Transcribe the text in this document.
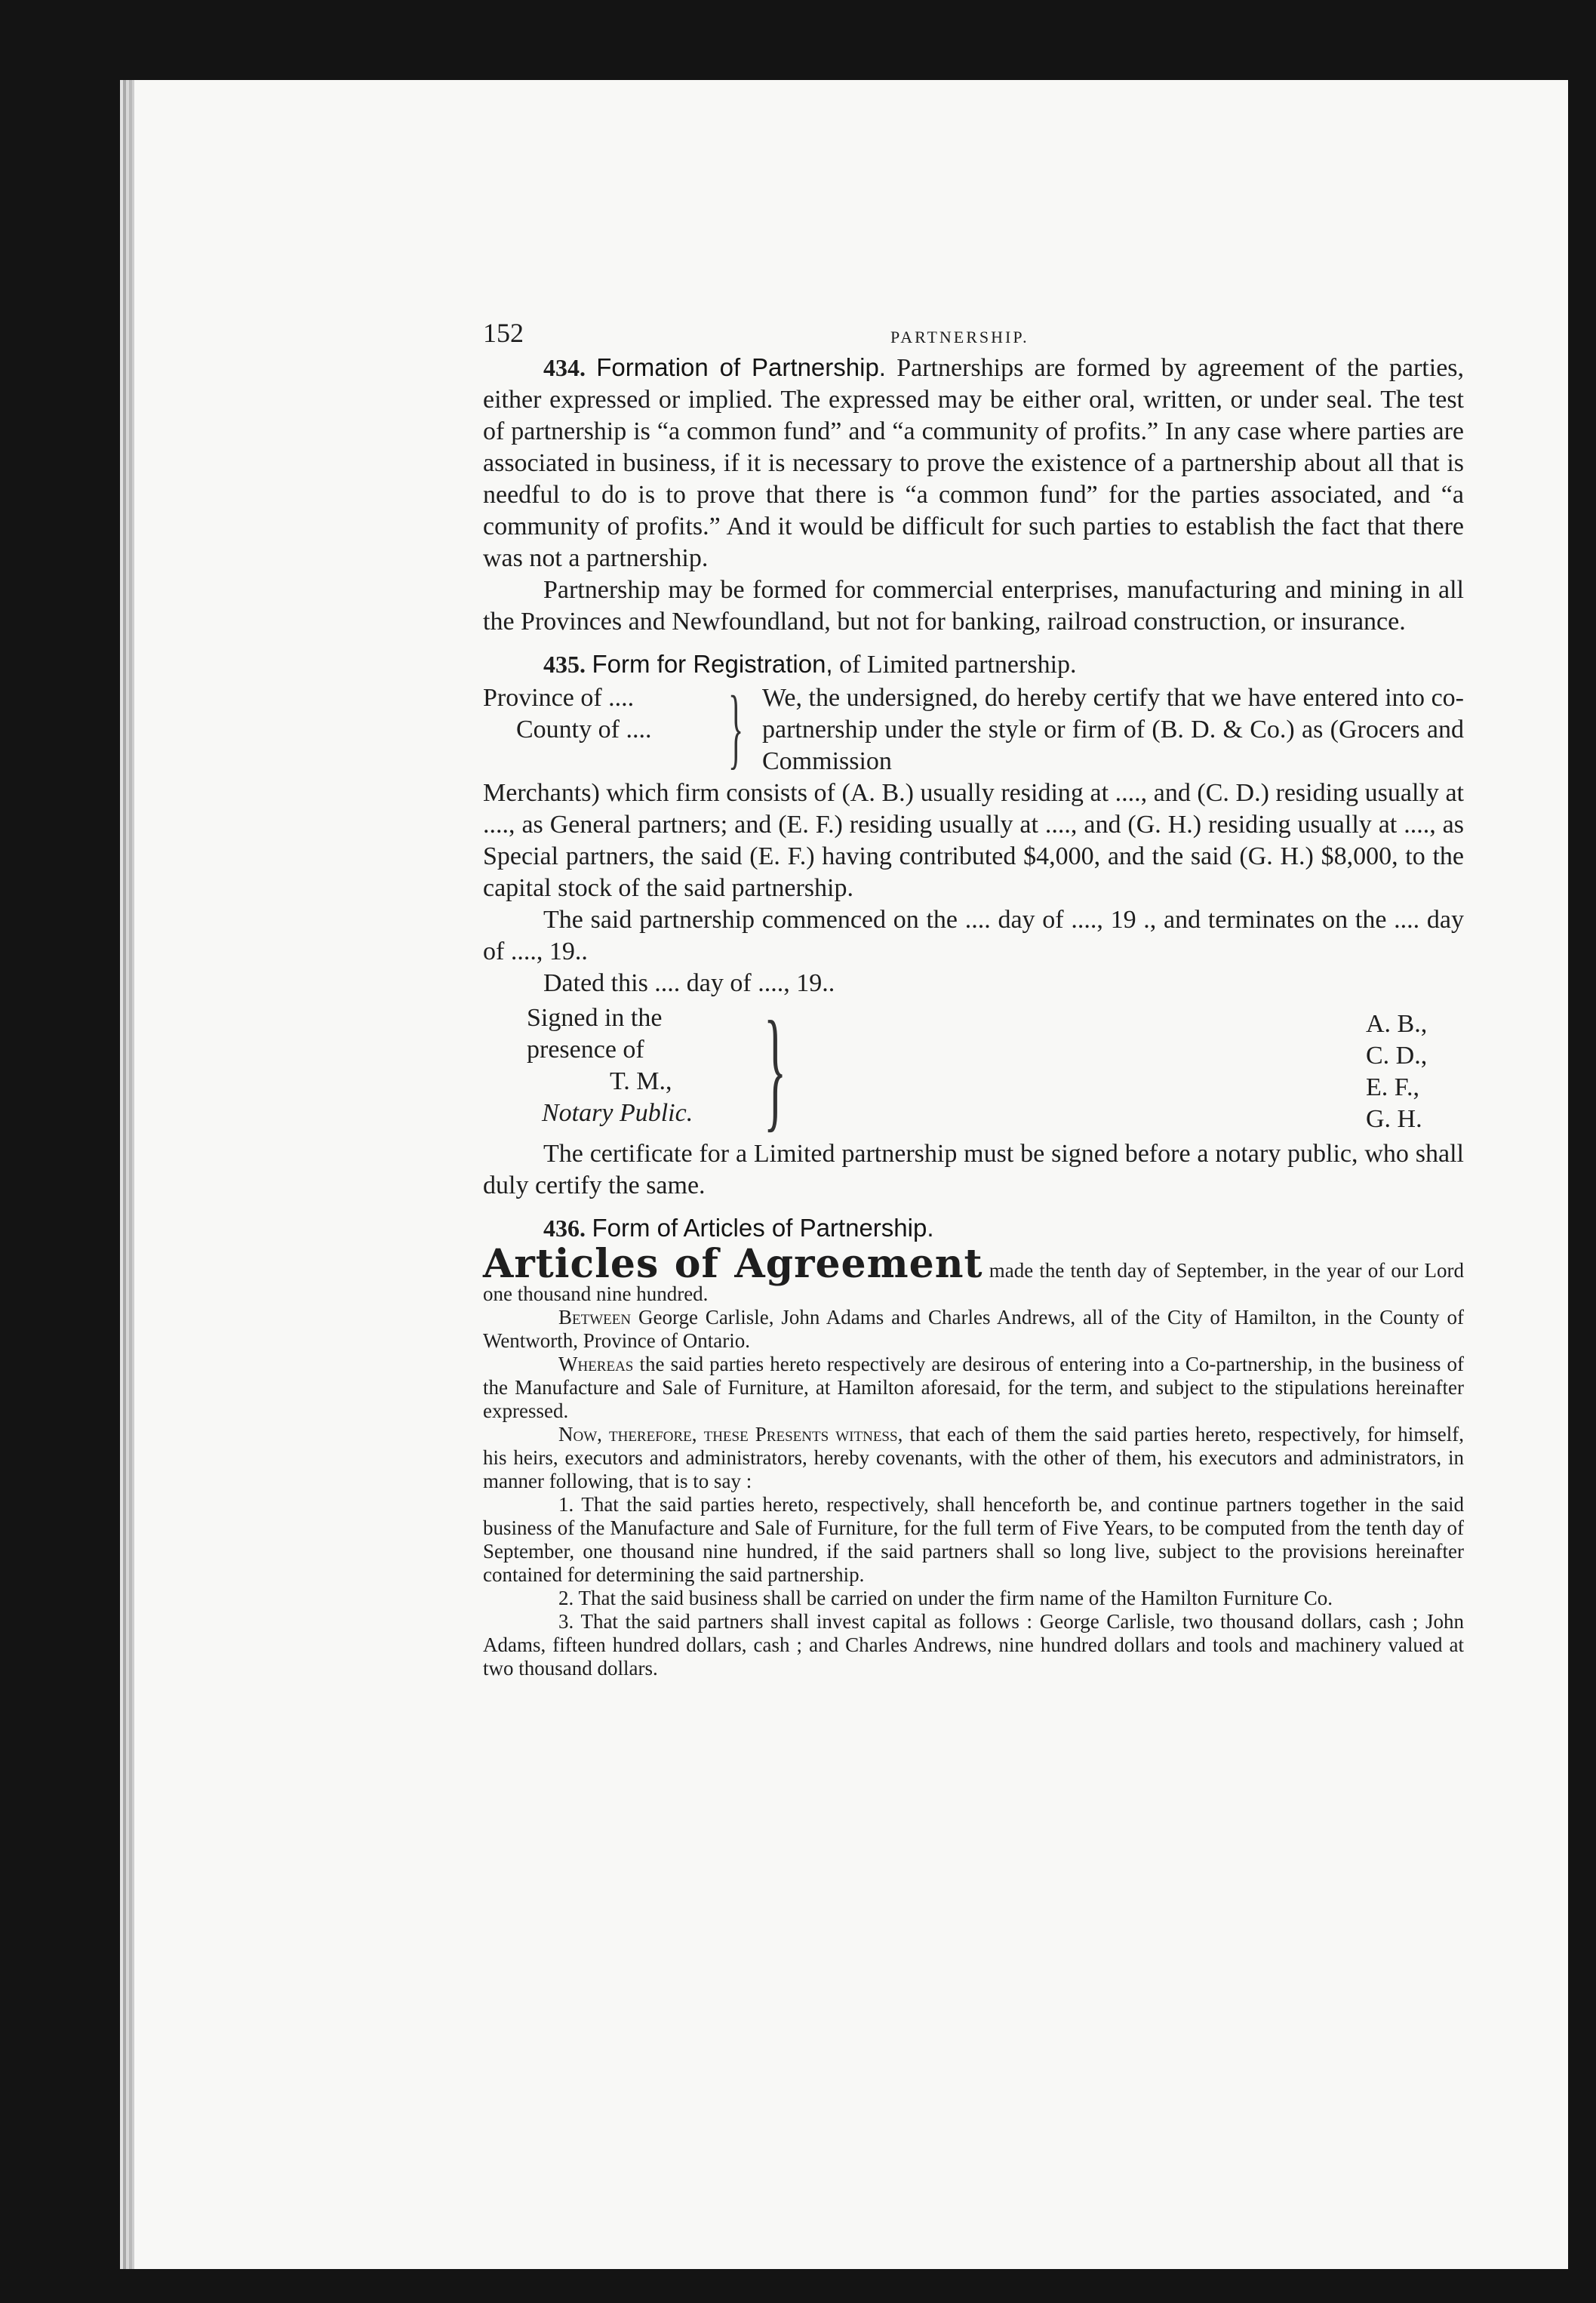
152	PARTNERSHIP.

434. Formation of Partnership. Partnerships are formed by agreement of the parties, either expressed or implied. The expressed may be either oral, written, or under seal. The test of partnership is “a common fund” and “a community of profits.” In any case where parties are associated in business, if it is necessary to prove the existence of a partnership about all that is needful to do is to prove that there is “a common fund” for the parties associated, and “a community of profits.” And it would be difficult for such parties to establish the fact that there was not a partnership.

Partnership may be formed for commercial enterprises, manufacturing and mining in all the Provinces and Newfoundland, but not for banking, railroad construction, or insurance.

435. Form for Registration, of Limited partnership.

Province of ....
County of .... } We, the undersigned, do hereby certify that we have entered into co-partnership under the style or firm of (B. D. & Co.) as (Grocers and Commission

Merchants) which firm consists of (A. B.) usually residing at ...., and (C. D.) residing usually at ...., as General partners; and (E. F.) residing usually at ...., and (G. H.) residing usually at ...., as Special partners, the said (E. F.) having contributed $4,000, and the said (G. H.) $8,000, to the capital stock of the said partnership.

The said partnership commenced on the .... day of ...., 19 ., and terminates on the .... day of ...., 19..

Dated this .... day of ...., 19..

Signed in the
presence of
T. M.,
Notary Public. }	A. B.,
C. D.,
E. F.,
G. H.

The certificate for a Limited partnership must be signed before a notary public, who shall duly certify the same.

436. Form of Articles of Partnership.

Articles of Agreement made the tenth day of September, in the year of our Lord one thousand nine hundred.

Between George Carlisle, John Adams and Charles Andrews, all of the City of Hamilton, in the County of Wentworth, Province of Ontario.

Whereas the said parties hereto respectively are desirous of entering into a Co-partnership, in the business of the Manufacture and Sale of Furniture, at Hamilton aforesaid, for the term, and subject to the stipulations hereinafter expressed.

Now, therefore, these Presents witness, that each of them the said parties hereto, respectively, for himself, his heirs, executors and administrators, hereby covenants, with the other of them, his executors and administrators, in manner following, that is to say :

1. That the said parties hereto, respectively, shall henceforth be, and continue partners together in the said business of the Manufacture and Sale of Furniture, for the full term of Five Years, to be computed from the tenth day of September, one thousand nine hundred, if the said partners shall so long live, subject to the provisions hereinafter contained for determining the said partnership.

2. That the said business shall be carried on under the firm name of the Hamilton Furniture Co.

3. That the said partners shall invest capital as follows : George Carlisle, two thousand dollars, cash ; John Adams, fifteen hundred dollars, cash ; and Charles Andrews, nine hundred dollars and tools and machinery valued at two thousand dollars.
